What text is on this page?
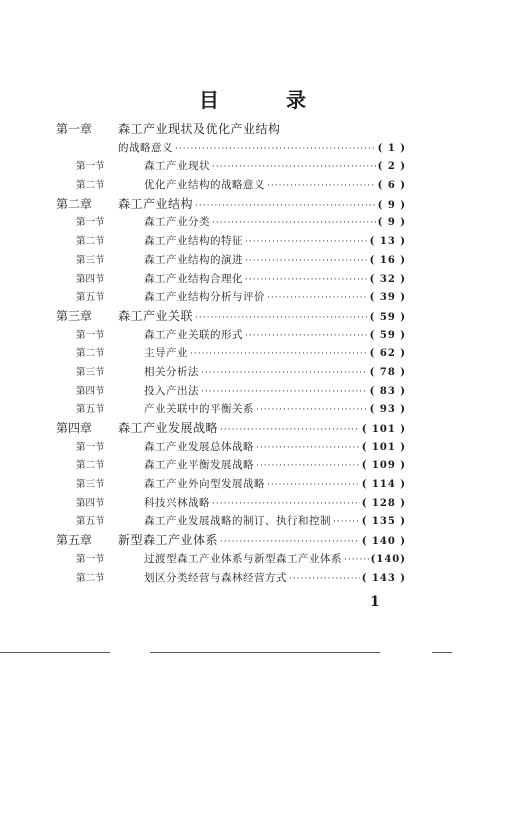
目 录
第一章	森工产业现状及优化产业结构
的战略意义 ·····	( 1 )
第一节	森工产业现状 ·····	( 2 )
第二节	优化产业结构的战略意义 ·····	( 6 )
第二章	森工产业结构 ·····	( 9 )
第一节	森工产业分类 ·····	( 9 )
第二节	森工产业结构的特征 ·····	( 13 )
第三节	森工产业结构的演进 ·····	( 16 )
第四节	森工产业结构合理化 ·····	( 32 )
第五节	森工产业结构分析与评价 ·····	( 39 )
第三章	森工产业关联 ·····	( 59 )
第一节	森工产业关联的形式 ·····	( 59 )
第二节	主导产业 ·····	( 62 )
第三节	相关分析法 ·····	( 78 )
第四节	投入产出法 ·····	( 83 )
第五节	产业关联中的平衡关系 ·····	( 93 )
第四章	森工产业发展战略 ·····	( 101 )
第一节	森工产业发展总体战略 ·····	( 101 )
第二节	森工产业平衡发展战略 ·····	( 109 )
第三节	森工产业外向型发展战略 ·····	( 114 )
第四节	科技兴林战略 ·····	( 128 )
第五节	森工产业发展战略的制订、执行和控制 ·····	( 135 )
第五章	新型森工产业体系 ·····	( 140 )
第一节	过渡型森工产业体系与新型森工产业体系 ·····	(140)
第二节	划区分类经营与森林经营方式 ·····	( 143 )
1
